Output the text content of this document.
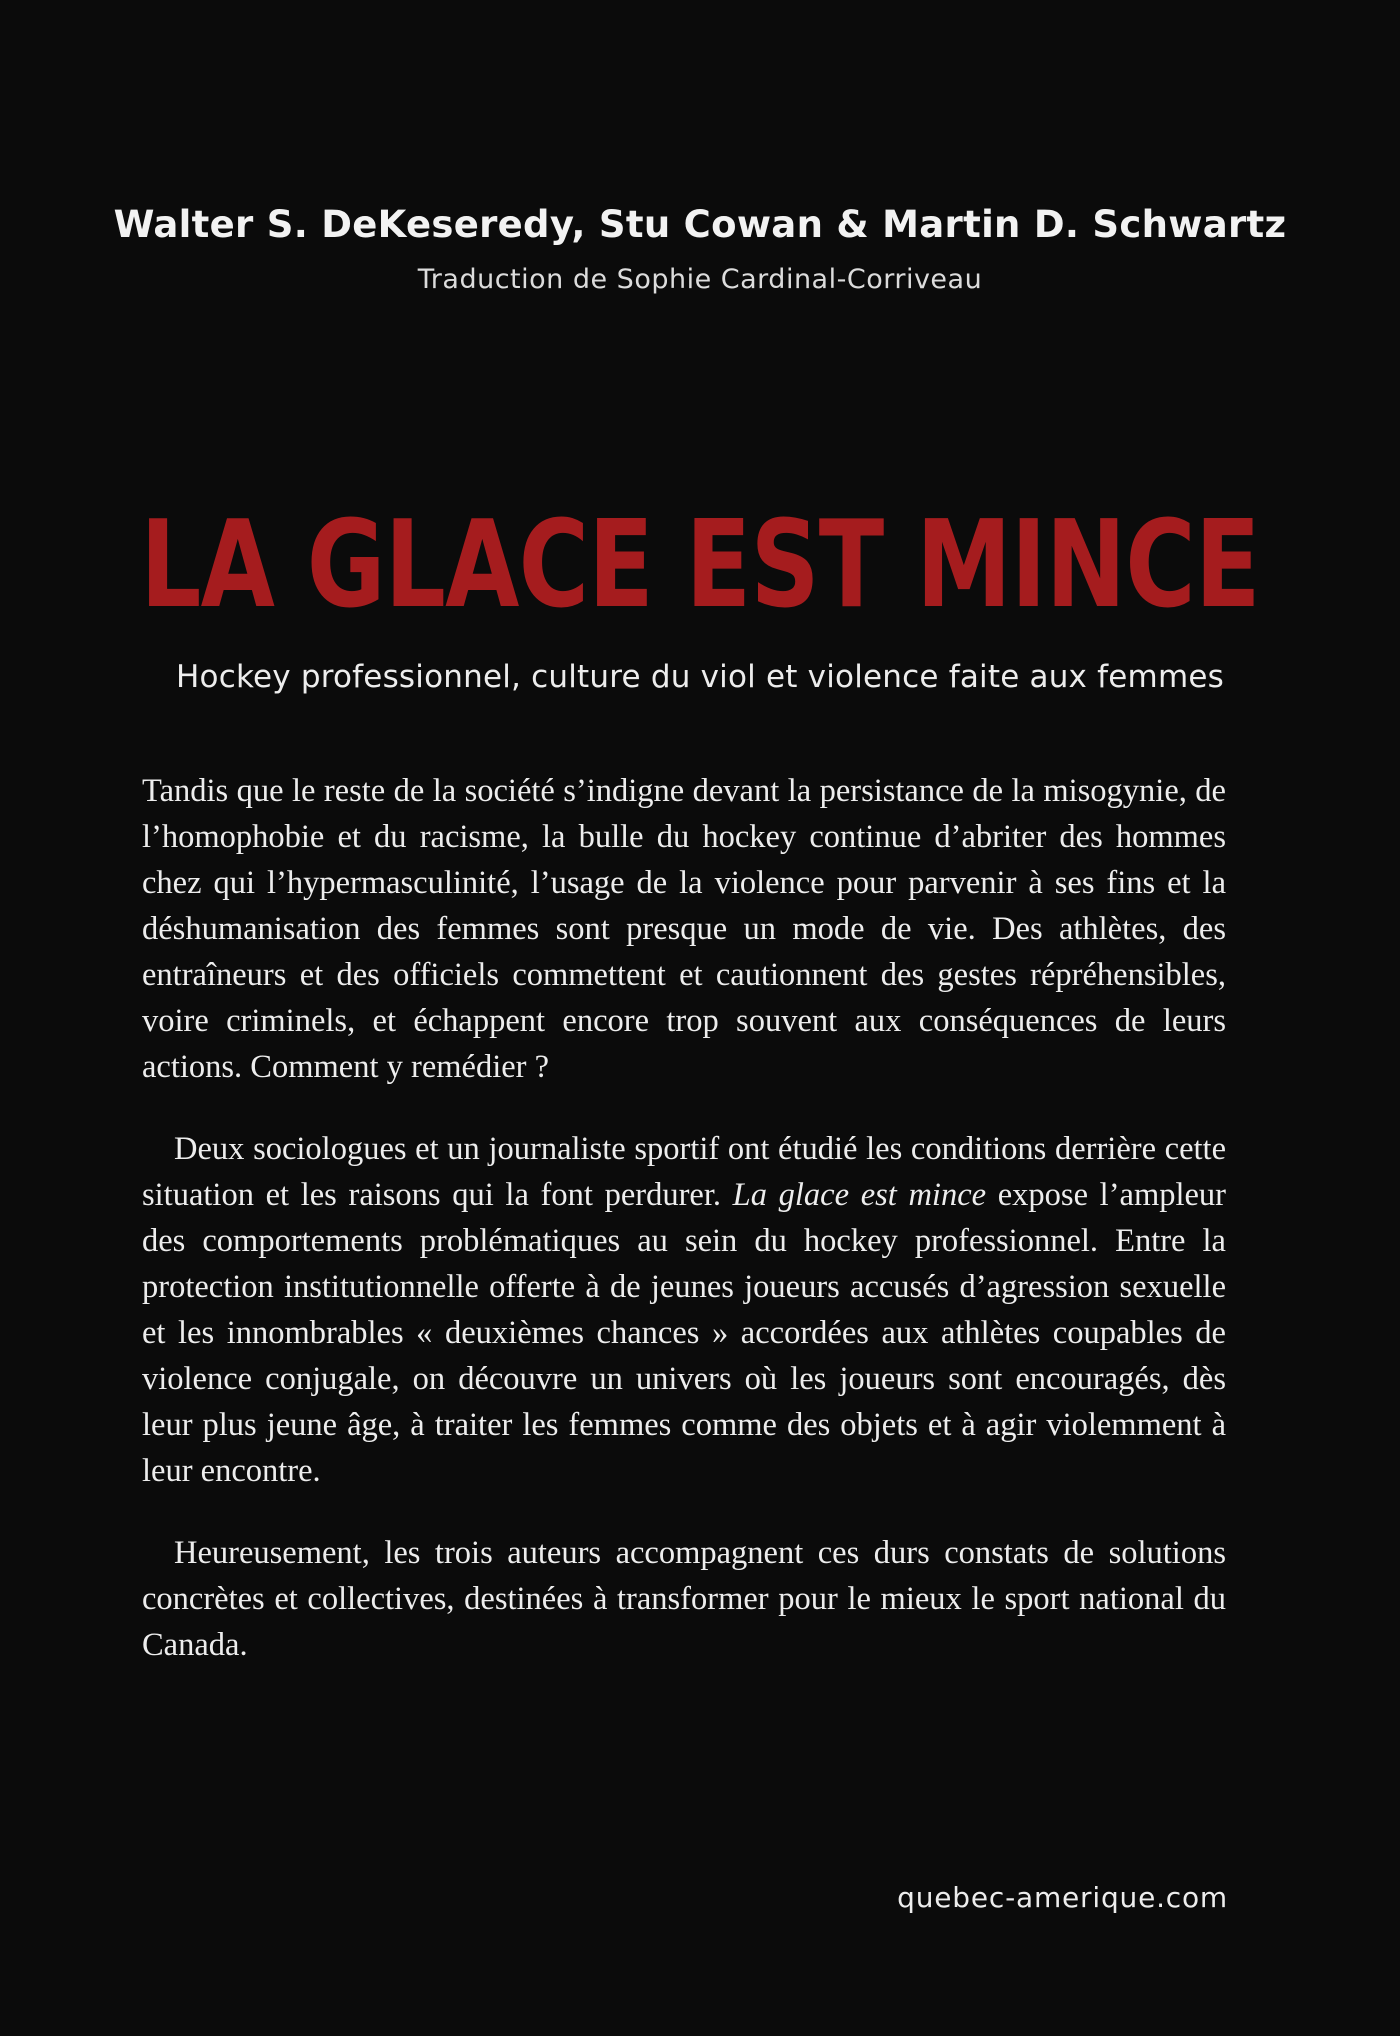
Walter S. DeKeseredy, Stu Cowan & Martin D. Schwartz
Traduction de Sophie Cardinal-Corriveau
LA GLACE EST MINCE
Hockey professionnel, culture du viol et violence faite aux femmes

Tandis que le reste de la société s’indigne devant la persistance de la misogynie, de l’homophobie et du racisme, la bulle du hockey continue d’abriter des hommes chez qui l’hypermasculinité, l’usage de la violence pour parvenir à ses fins et la déshumanisation des femmes sont presque un mode de vie. Des athlètes, des entraîneurs et des officiels commettent et cautionnent des gestes répréhensibles, voire criminels, et échappent encore trop souvent aux conséquences de leurs actions. Comment y remédier ?

Deux sociologues et un journaliste sportif ont étudié les conditions derrière cette situation et les raisons qui la font perdurer. La glace est mince expose l’ampleur des comportements problématiques au sein du hockey professionnel. Entre la protection institutionnelle offerte à de jeunes joueurs accusés d’agression sexuelle et les innombrables « deuxièmes chances » accordées aux athlètes coupables de violence conjugale, on découvre un univers où les joueurs sont encouragés, dès leur plus jeune âge, à traiter les femmes comme des objets et à agir violemment à leur encontre.

Heureusement, les trois auteurs accompagnent ces durs constats de solutions concrètes et collectives, destinées à transformer pour le mieux le sport national du Canada.

quebec-amerique.com
